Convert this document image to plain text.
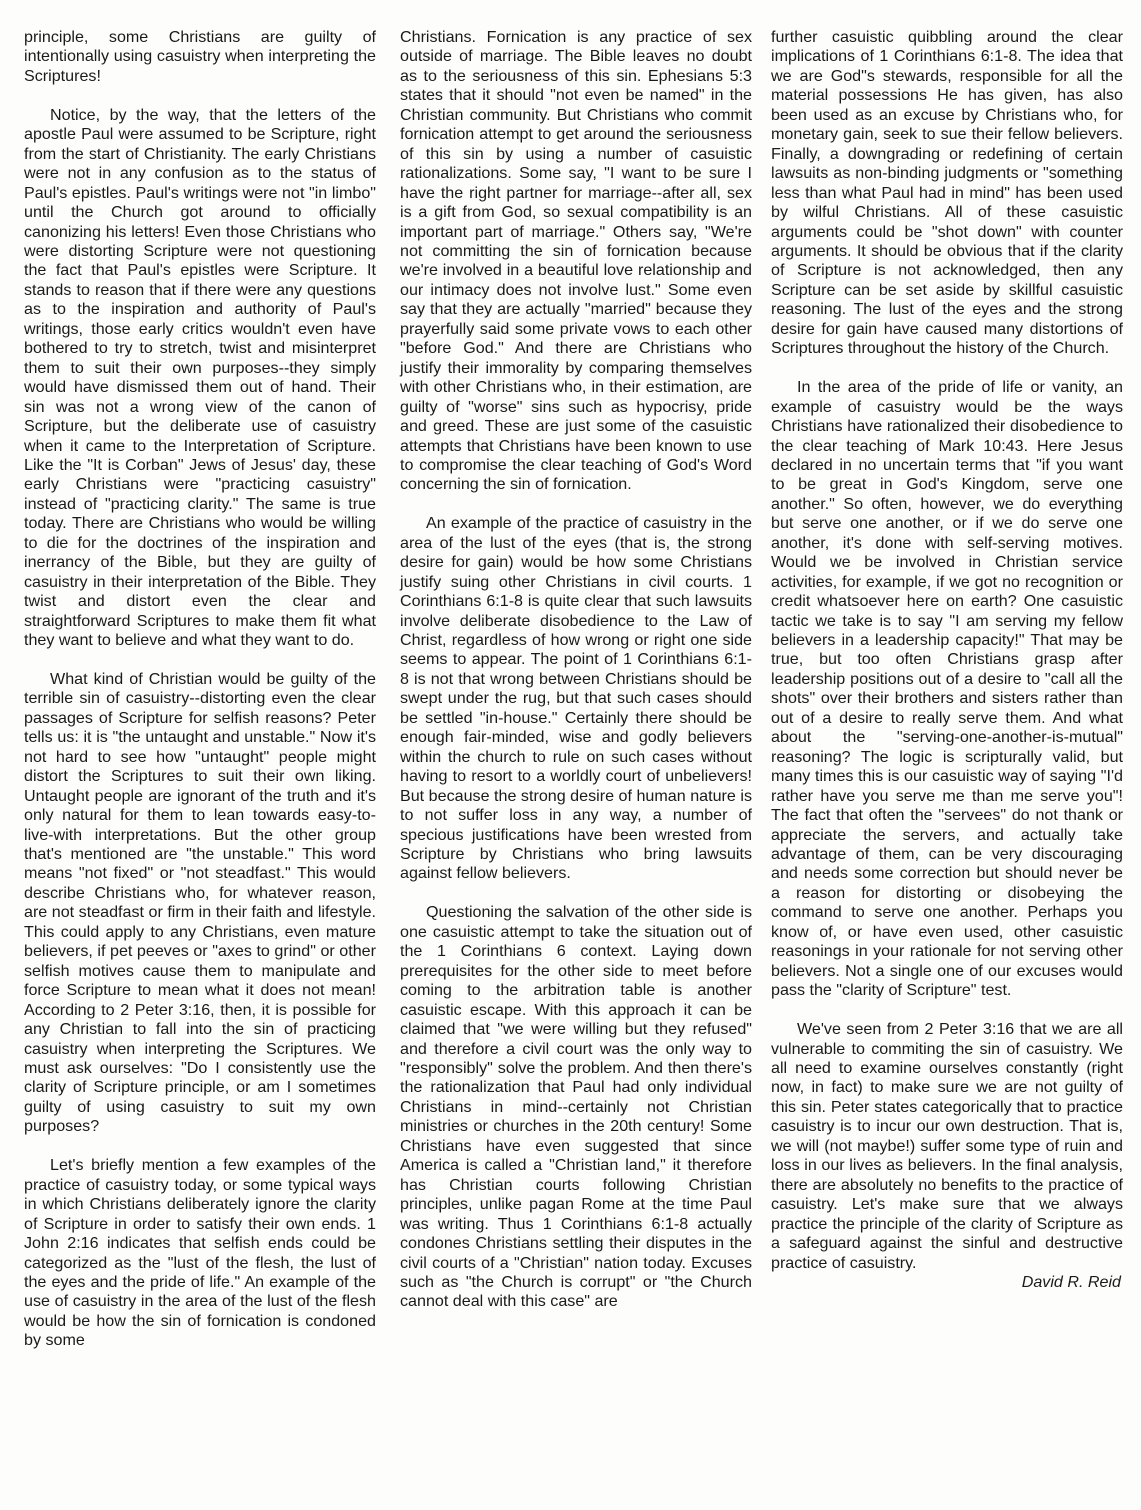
principle, some Christians are guilty of intentionally using casuistry when interpreting the Scriptures!

Notice, by the way, that the letters of the apostle Paul were assumed to be Scripture, right from the start of Christianity. The early Christians were not in any confusion as to the status of Paul's epistles. Paul's writings were not "in limbo" until the Church got around to officially canonizing his letters! Even those Christians who were distorting Scripture were not questioning the fact that Paul's epistles were Scripture. It stands to reason that if there were any questions as to the inspiration and authority of Paul's writings, those early critics wouldn't even have bothered to try to stretch, twist and misinterpret them to suit their own purposes--they simply would have dismissed them out of hand. Their sin was not a wrong view of the canon of Scripture, but the deliberate use of casuistry when it came to the Interpretation of Scripture. Like the "It is Corban" Jews of Jesus' day, these early Christians were "practicing casuistry" instead of "practicing clarity." The same is true today. There are Christians who would be willing to die for the doctrines of the inspiration and inerrancy of the Bible, but they are guilty of casuistry in their interpretation of the Bible. They twist and distort even the clear and straightforward Scriptures to make them fit what they want to believe and what they want to do.

What kind of Christian would be guilty of the terrible sin of casuistry--distorting even the clear passages of Scripture for selfish reasons? Peter tells us: it is "the untaught and unstable." Now it's not hard to see how "untaught" people might distort the Scriptures to suit their own liking. Untaught people are ignorant of the truth and it's only natural for them to lean towards easy-to-live-with interpretations. But the other group that's mentioned are "the unstable." This word means "not fixed" or "not steadfast." This would describe Christians who, for whatever reason, are not steadfast or firm in their faith and lifestyle. This could apply to any Christians, even mature believers, if pet peeves or "axes to grind" or other selfish motives cause them to manipulate and force Scripture to mean what it does not mean! According to 2 Peter 3:16, then, it is possible for any Christian to fall into the sin of practicing casuistry when interpreting the Scriptures. We must ask ourselves: "Do I consistently use the clarity of Scripture principle, or am I sometimes guilty of using casuistry to suit my own purposes?

Let's briefly mention a few examples of the practice of casuistry today, or some typical ways in which Christians deliberately ignore the clarity of Scripture in order to satisfy their own ends. 1 John 2:16 indicates that selfish ends could be categorized as the "lust of the flesh, the lust of the eyes and the pride of life." An example of the use of casuistry in the area of the lust of the flesh would be how the sin of fornication is condoned by some

Christians. Fornication is any practice of sex outside of marriage. The Bible leaves no doubt as to the seriousness of this sin. Ephesians 5:3 states that it should "not even be named" in the Christian community. But Christians who commit fornication attempt to get around the seriousness of this sin by using a number of casuistic rationalizations. Some say, "I want to be sure I have the right partner for marriage--after all, sex is a gift from God, so sexual compatibility is an important part of marriage." Others say, "We're not committing the sin of fornication because we're involved in a beautiful love relationship and our intimacy does not involve lust." Some even say that they are actually "married" because they prayerfully said some private vows to each other "before God." And there are Christians who justify their immorality by comparing themselves with other Christians who, in their estimation, are guilty of "worse" sins such as hypocrisy, pride and greed. These are just some of the casuistic attempts that Christians have been known to use to compromise the clear teaching of God's Word concerning the sin of fornication.

An example of the practice of casuistry in the area of the lust of the eyes (that is, the strong desire for gain) would be how some Christians justify suing other Christians in civil courts. 1 Corinthians 6:1-8 is quite clear that such lawsuits involve deliberate disobedience to the Law of Christ, regardless of how wrong or right one side seems to appear. The point of 1 Corinthians 6:1-8 is not that wrong between Christians should be swept under the rug, but that such cases should be settled "in-house." Certainly there should be enough fair-minded, wise and godly believers within the church to rule on such cases without having to resort to a worldly court of unbelievers! But because the strong desire of human nature is to not suffer loss in any way, a number of specious justifications have been wrested from Scripture by Christians who bring lawsuits against fellow believers.

Questioning the salvation of the other side is one casuistic attempt to take the situation out of the 1 Corinthians 6 context. Laying down prerequisites for the other side to meet before coming to the arbitration table is another casuistic escape. With this approach it can be claimed that "we were willing but they refused" and therefore a civil court was the only way to "responsibly" solve the problem. And then there's the rationalization that Paul had only individual Christians in mind--certainly not Christian ministries or churches in the 20th century! Some Christians have even suggested that since America is called a "Christian land," it therefore has Christian courts following Christian principles, unlike pagan Rome at the time Paul was writing. Thus 1 Corinthians 6:1-8 actually condones Christians settling their disputes in the civil courts of a "Christian" nation today. Excuses such as "the Church is corrupt" or "the Church cannot deal with this case" are

further casuistic quibbling around the clear implications of 1 Corinthians 6:1-8. The idea that we are God"s stewards, responsible for all the material possessions He has given, has also been used as an excuse by Christians who, for monetary gain, seek to sue their fellow believers. Finally, a downgrading or redefining of certain lawsuits as non-binding judgments or "something less than what Paul had in mind" has been used by wilful Christians. All of these casuistic arguments could be "shot down" with counter arguments. It should be obvious that if the clarity of Scripture is not acknowledged, then any Scripture can be set aside by skillful casuistic reasoning. The lust of the eyes and the strong desire for gain have caused many distortions of Scriptures throughout the history of the Church.

In the area of the pride of life or vanity, an example of casuistry would be the ways Christians have rationalized their disobedience to the clear teaching of Mark 10:43. Here Jesus declared in no uncertain terms that "if you want to be great in God's Kingdom, serve one another." So often, however, we do everything but serve one another, or if we do serve one another, it's done with self-serving motives. Would we be involved in Christian service activities, for example, if we got no recognition or credit whatsoever here on earth? One casuistic tactic we take is to say "I am serving my fellow believers in a leadership capacity!" That may be true, but too often Christians grasp after leadership positions out of a desire to "call all the shots" over their brothers and sisters rather than out of a desire to really serve them. And what about the "serving-one-another-is-mutual" reasoning? The logic is scripturally valid, but many times this is our casuistic way of saying "I'd rather have you serve me than me serve you"! The fact that often the "servees" do not thank or appreciate the servers, and actually take advantage of them, can be very discouraging and needs some correction but should never be a reason for distorting or disobeying the command to serve one another. Perhaps you know of, or have even used, other casuistic reasonings in your rationale for not serving other believers. Not a single one of our excuses would pass the "clarity of Scripture" test.

We've seen from 2 Peter 3:16 that we are all vulnerable to commiting the sin of casuistry. We all need to examine ourselves constantly (right now, in fact) to make sure we are not guilty of this sin. Peter states categorically that to practice casuistry is to incur our own destruction. That is, we will (not maybe!) suffer some type of ruin and loss in our lives as believers. In the final analysis, there are absolutely no benefits to the practice of casuistry. Let's make sure that we always practice the principle of the clarity of Scripture as a safeguard against the sinful and destructive practice of casuistry.

David R. Reid
